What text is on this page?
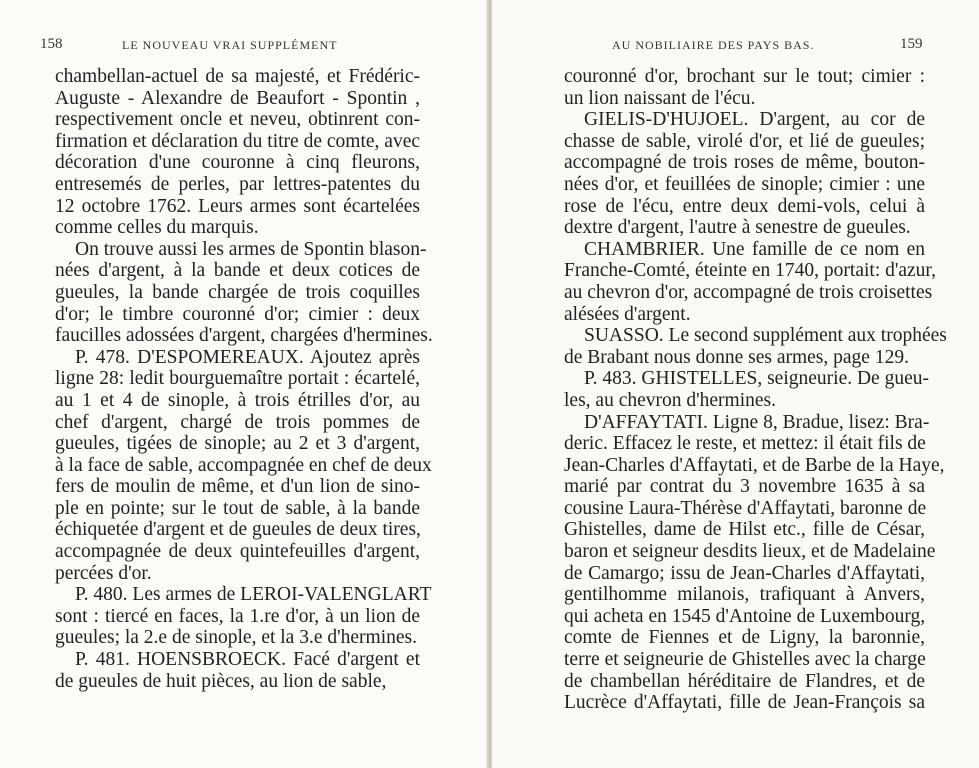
158	LE NOUVEAU VRAI SUPPLÉMENT
chambellan-actuel de sa majesté, et Frédéric-
Auguste - Alexandre de Beaufort - Spontin ,
respectivement oncle et neveu, obtinrent con-
firmation et déclaration du titre de comte, avec
décoration d'une couronne à cinq fleurons,
entresemés de perles, par lettres-patentes du
12 octobre 1762. Leurs armes sont écartelées
comme celles du marquis.
On trouve aussi les armes de Spontin blason-
nées d'argent, à la bande et deux cotices de
gueules, la bande chargée de trois coquilles
d'or; le timbre couronné d'or; cimier : deux
faucilles adossées d'argent, chargées d'hermines.
P. 478. D'ESPOMEREAUX. Ajoutez après
ligne 28: ledit bourguemaître portait : écartelé,
au 1 et 4 de sinople, à trois étrilles d'or, au
chef d'argent, chargé de trois pommes de
gueules, tigées de sinople; au 2 et 3 d'argent,
à la face de sable, accompagnée en chef de deux
fers de moulin de même, et d'un lion de sino-
ple en pointe; sur le tout de sable, à la bande
échiquetée d'argent et de gueules de deux tires,
accompagnée de deux quintefeuilles d'argent,
percées d'or.
P. 480. Les armes de LEROI-VALENGLART
sont : tiercé en faces, la 1.re d'or, à un lion de
gueules; la 2.e de sinople, et la 3.e d'hermines.
P. 481. HOENSBROECK. Facé d'argent et
de gueules de huit pièces, au lion de sable,
AU NOBILIAIRE DES PAYS BAS.	159
couronné d'or, brochant sur le tout; cimier :
un lion naissant de l'écu.
GIELIS-D'HUJOEL. D'argent, au cor de
chasse de sable, virolé d'or, et lié de gueules;
accompagné de trois roses de même, bouton-
nées d'or, et feuillées de sinople; cimier : une
rose de l'écu, entre deux demi-vols, celui à
dextre d'argent, l'autre à senestre de gueules.
CHAMBRIER. Une famille de ce nom en
Franche-Comté, éteinte en 1740, portait: d'azur,
au chevron d'or, accompagné de trois croisettes
alésées d'argent.
SUASSO. Le second supplément aux trophées
de Brabant nous donne ses armes, page 129.
P. 483. GHISTELLES, seigneurie. De gueu-
les, au chevron d'hermines.
D'AFFAYTATI. Ligne 8, Bradue, lisez: Bra-
deric. Effacez le reste, et mettez: il était fils de
Jean-Charles d'Affaytati, et de Barbe de la Haye,
marié par contrat du 3 novembre 1635 à sa
cousine Laura-Thérèse d'Affaytati, baronne de
Ghistelles, dame de Hilst etc., fille de César,
baron et seigneur desdits lieux, et de Madelaine
de Camargo; issu de Jean-Charles d'Affaytati,
gentilhomme milanois, trafiquant à Anvers,
qui acheta en 1545 d'Antoine de Luxembourg,
comte de Fiennes et de Ligny, la baronnie,
terre et seigneurie de Ghistelles avec la charge
de chambellan héréditaire de Flandres, et de
Lucrèce d'Affaytati, fille de Jean-François sa
